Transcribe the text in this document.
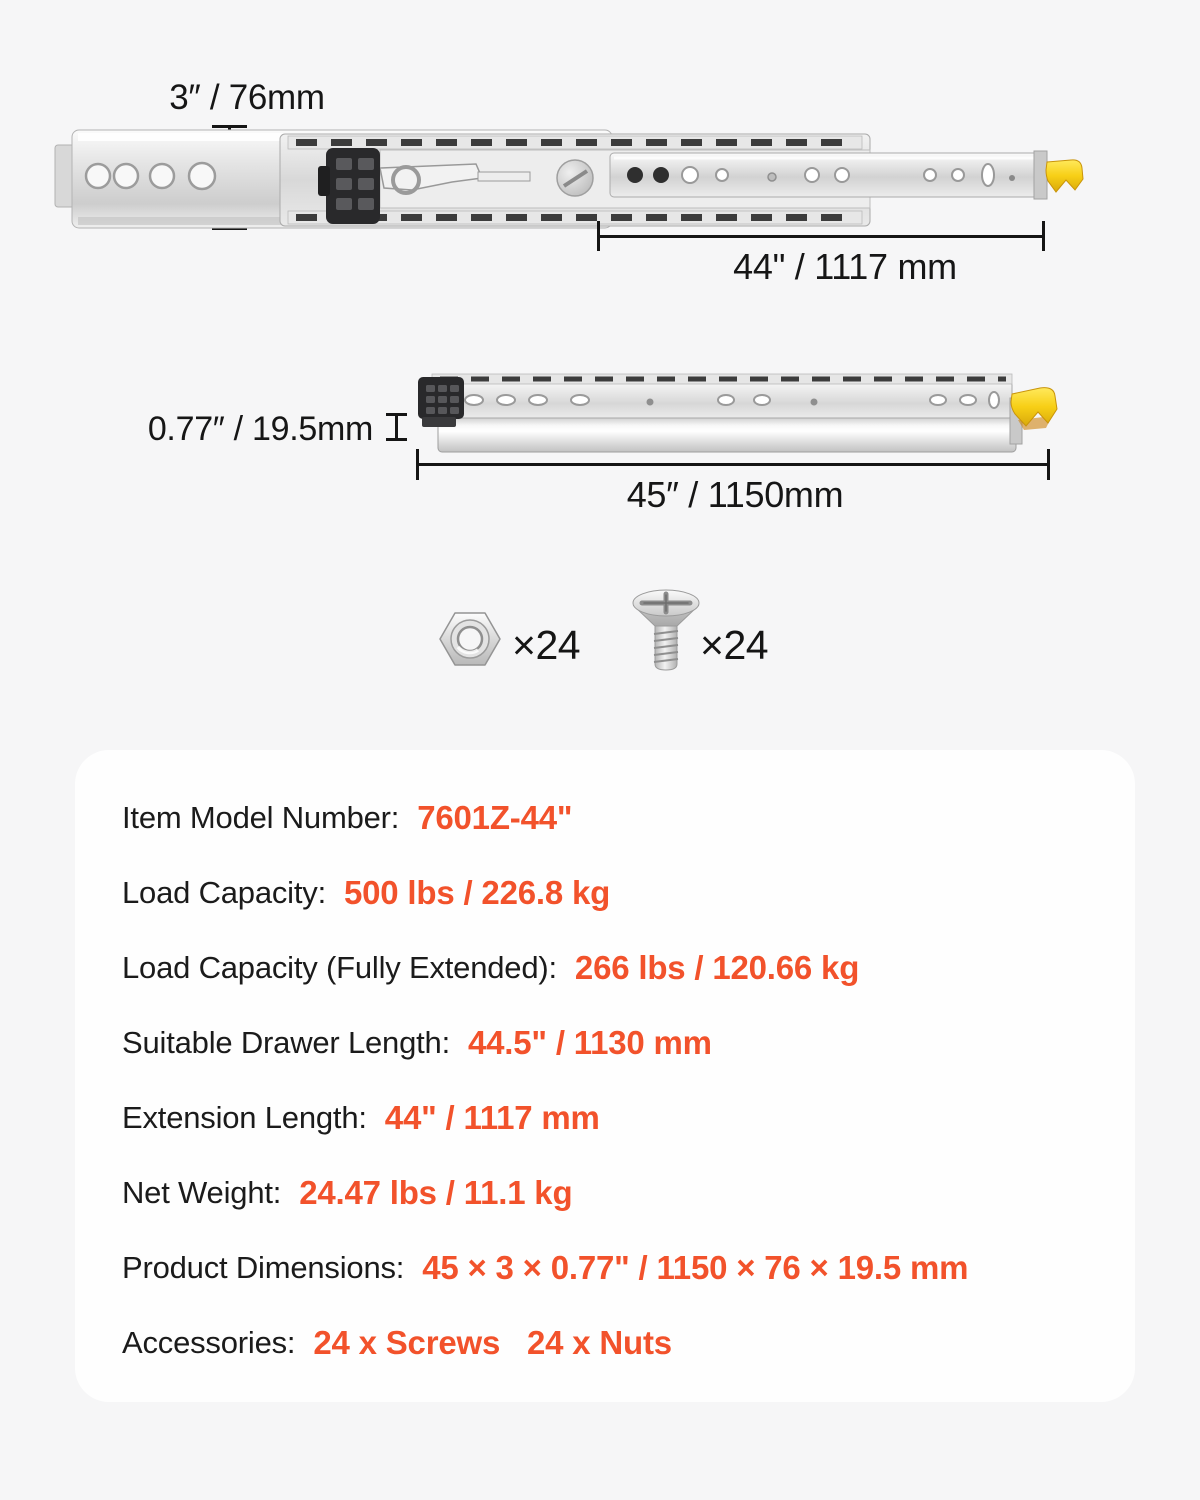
3″ / 76mm
44" / 1117 mm
0.77″ / 19.5mm
45″ / 1150mm
×24	×24
Item Model Number: 7601Z-44"
Load Capacity: 500 lbs / 226.8 kg
Load Capacity (Fully Extended): 266 lbs / 120.66 kg
Suitable Drawer Length: 44.5" / 1130 mm
Extension Length: 44" / 1117 mm
Net Weight: 24.47 lbs / 11.1 kg
Product Dimensions: 45 × 3 × 0.77" / 1150 × 76 × 19.5 mm
Accessories: 24 x Screws   24 x Nuts
